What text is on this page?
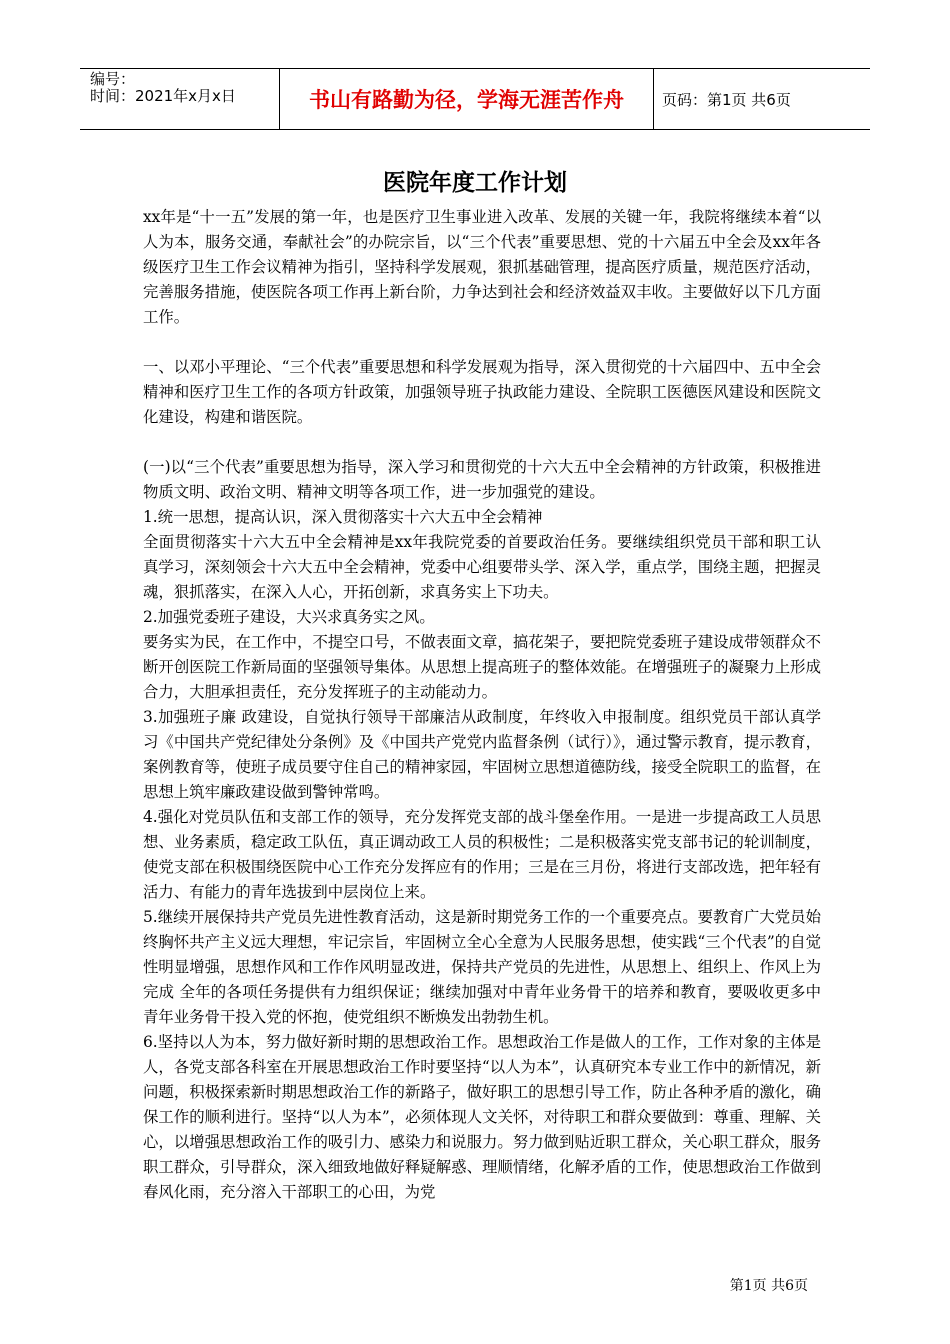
编号：
时间：2021年x月x日	书山有路勤为径，学海无涯苦作舟	页码：第1页 共6页
医院年度工作计划

xx年是“十一五”发展的第一年，也是医疗卫生事业进入改革、发展的关键一年，我院将继续本着“以人为本，服务交通，奉献社会”的办院宗旨，以“三个代表”重要思想、党的十六届五中全会及xx年各级医疗卫生工作会议精神为指引，坚持科学发展观，狠抓基础管理，提高医疗质量，规范医疗活动，完善服务措施，使医院各项工作再上新台阶，力争达到社会和经济效益双丰收。主要做好以下几方面工作。

一、以邓小平理论、“三个代表”重要思想和科学发展观为指导，深入贯彻党的十六届四中、五中全会精神和医疗卫生工作的各项方针政策，加强领导班子执政能力建设、全院职工医德医风建设和医院文化建设，构建和谐医院。

(一)以“三个代表”重要思想为指导，深入学习和贯彻党的十六大五中全会精神的方针政策，积极推进物质文明、政治文明、精神文明等各项工作，进一步加强党的建设。

1.统一思想，提高认识，深入贯彻落实十六大五中全会精神

全面贯彻落实十六大五中全会精神是xx年我院党委的首要政治任务。要继续组织党员干部和职工认真学习，深刻领会十六大五中全会精神，党委中心组要带头学、深入学，重点学，围绕主题，把握灵魂，狠抓落实，在深入人心，开拓创新，求真务实上下功夫。

2.加强党委班子建设，大兴求真务实之风。

要务实为民，在工作中，不提空口号，不做表面文章，搞花架子，要把院党委班子建设成带领群众不断开创医院工作新局面的坚强领导集体。从思想上提高班子的整体效能。在增强班子的凝聚力上形成合力，大胆承担责任，充分发挥班子的主动能动力。

3.加强班子廉 政建设，自觉执行领导干部廉洁从政制度，年终收入申报制度。组织党员干部认真学习《中国共产党纪律处分条例》及《中国共产党党内监督条例（试行）》，通过警示教育，提示教育，案例教育等，使班子成员要守住自己的精神家园，牢固树立思想道德防线，接受全院职工的监督，在思想上筑牢廉政建设做到警钟常鸣。

4.强化对党员队伍和支部工作的领导，充分发挥党支部的战斗堡垒作用。一是进一步提高政工人员思想、业务素质，稳定政工队伍，真正调动政工人员的积极性；二是积极落实党支部书记的轮训制度，使党支部在积极围绕医院中心工作充分发挥应有的作用；三是在三月份，将进行支部改选，把年轻有活力、有能力的青年选拔到中层岗位上来。

5.继续开展保持共产党员先进性教育活动，这是新时期党务工作的一个重要亮点。要教育广大党员始终胸怀共产主义远大理想，牢记宗旨，牢固树立全心全意为人民服务思想，使实践“三个代表”的自觉性明显增强，思想作风和工作作风明显改进，保持共产党员的先进性，从思想上、组织上、作风上为完成 全年的各项任务提供有力组织保证；继续加强对中青年业务骨干的培养和教育，要吸收更多中青年业务骨干投入党的怀抱，使党组织不断焕发出勃勃生机。

6.坚持以人为本，努力做好新时期的思想政治工作。思想政治工作是做人的工作，工作对象的主体是人，各党支部各科室在开展思想政治工作时要坚持“以人为本”，认真研究本专业工作中的新情况，新问题，积极探索新时期思想政治工作的新路子，做好职工的思想引导工作，防止各种矛盾的激化，确保工作的顺利进行。坚持“以人为本”，必须体现人文关怀，对待职工和群众要做到：尊重、理解、关心，以增强思想政治工作的吸引力、感染力和说服力。努力做到贴近职工群众，关心职工群众，服务职工群众，引导群众，深入细致地做好释疑解惑、理顺情绪，化解矛盾的工作，使思想政治工作做到春风化雨，充分溶入干部职工的心田，为党

第1页 共6页
